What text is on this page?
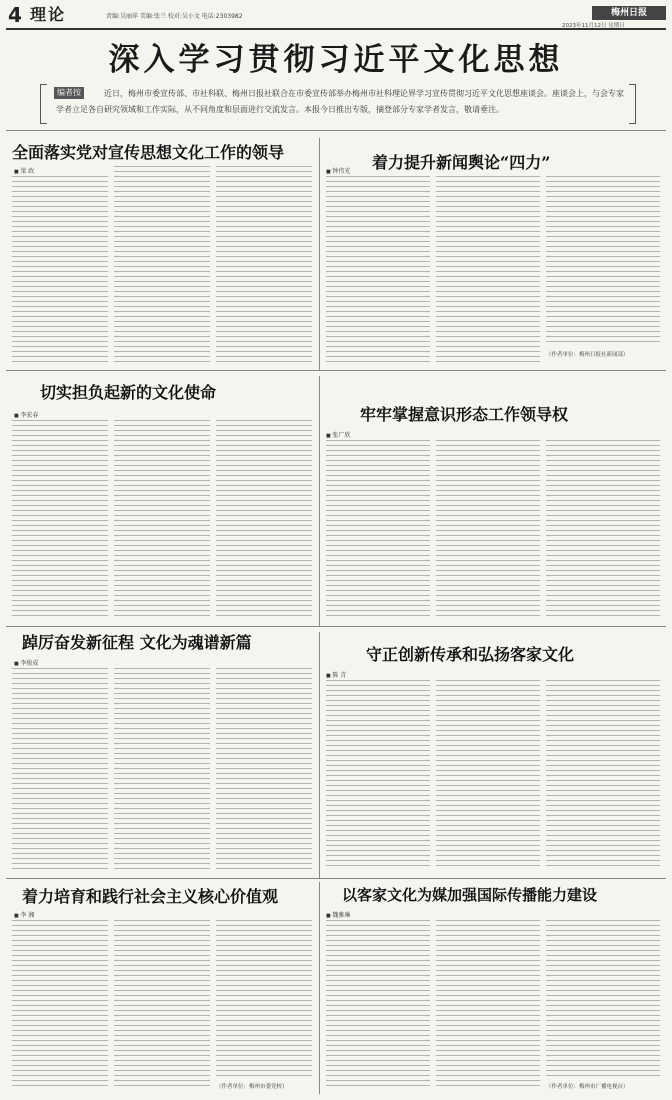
4 理论	责编:吴丽萍 美编:张兰 校对:吴小文 电话:2303982	梅州日报
2023年11月12日 星期日
深入学习贯彻习近平文化思想
近日，梅州市委宣传部、市社科联、梅州日报社联合在市委宣传部举办梅州市社科理论界学习宣传贯彻习近平文化思想座谈会。座谈会上，与会专家学者立足各自研究领域和工作实际，从不同角度和层面进行交流发言。本报今日推出专版，摘登部分专家学者发言，敬请垂注。
编者按
全面落实党对宣传思想文化工作的领导
■ 梁 政	着力提升新闻舆论“四力”
■ 钟伟光
（作者单位：梅州日报社新闻部）
切实担负起新的文化使命
■ 李宏春	牢牢掌握意识形态工作领导权
■ 张广欣
踔厉奋发新征程 文化为魂谱新篇
■ 李俊成	守正创新传承和弘扬客家文化
■ 陈 青
着力培育和践行社会主义核心价值观
■ 李 湘
（作者单位：梅州市委党校）
以客家文化为媒加强国际传播能力建设
■ 魏雅琳
（作者单位：梅州市广播电视台）
